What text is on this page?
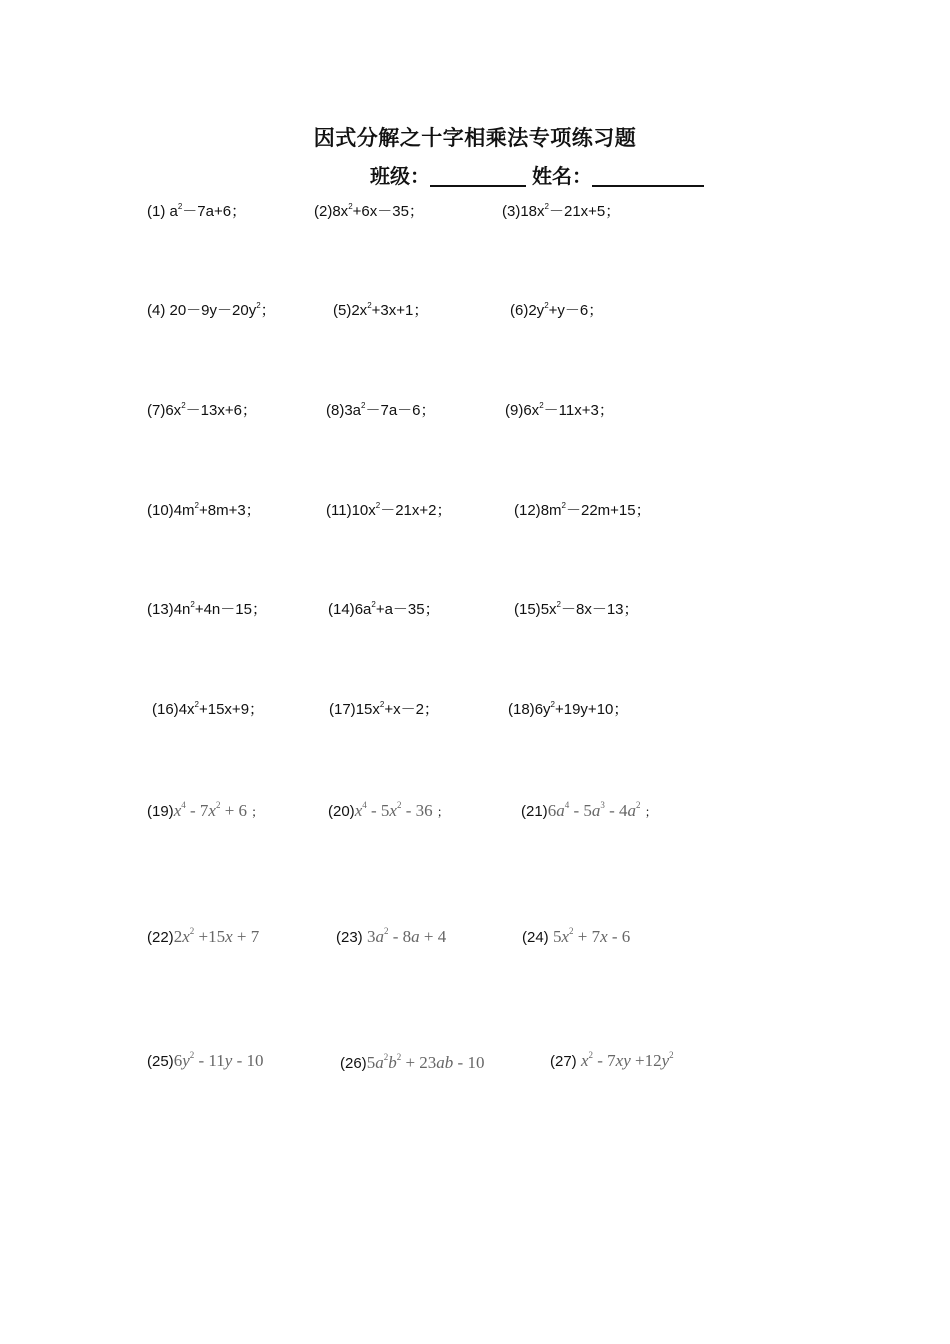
因式分解之十字相乘法专项练习题
班级：	姓名：
(1) $a^2-7a+6$；	$(2)8x^2+6x-35$；	$(3)18x^2-21x+5$；
(4) $20-9y-20y^2$；	$(5)2x^2+3x+1$；	$(6)2y^2+y-6$；
$(7)6x^2-13x+6$；	$(8)3a^2-7a-6$；	$(9)6x^2-11x+3$；
$(10)4m^2+8m+3$；	$(11)10x^2-21x+2$；	$(12)8m^2-22m+15$；
$(13)4n^2+4n-15$；	$(14)6a^2+a-35$；	$(15)5x^2-8x-13$；
$(16)4x^2+15x+9$；	$(17)15x^2+x-2$；	$(18)6y^2+19y+10$；
$(19)x^4 - 7x^2 + 6$ ；	$(20)x^4 - 5x^2 - 36$ ；	$(21)6a^4 - 5a^3 - 4a^2$ ；
$(22)2x^2 +15x + 7$	(23) $3a^2 - 8a + 4$	(24) $5x^2 + 7x - 6$
$(25)6y^2 - 11y - 10$	$(26)5a^2b^2 + 23ab - 10$	(27) $x^2 - 7xy +12y^2$
